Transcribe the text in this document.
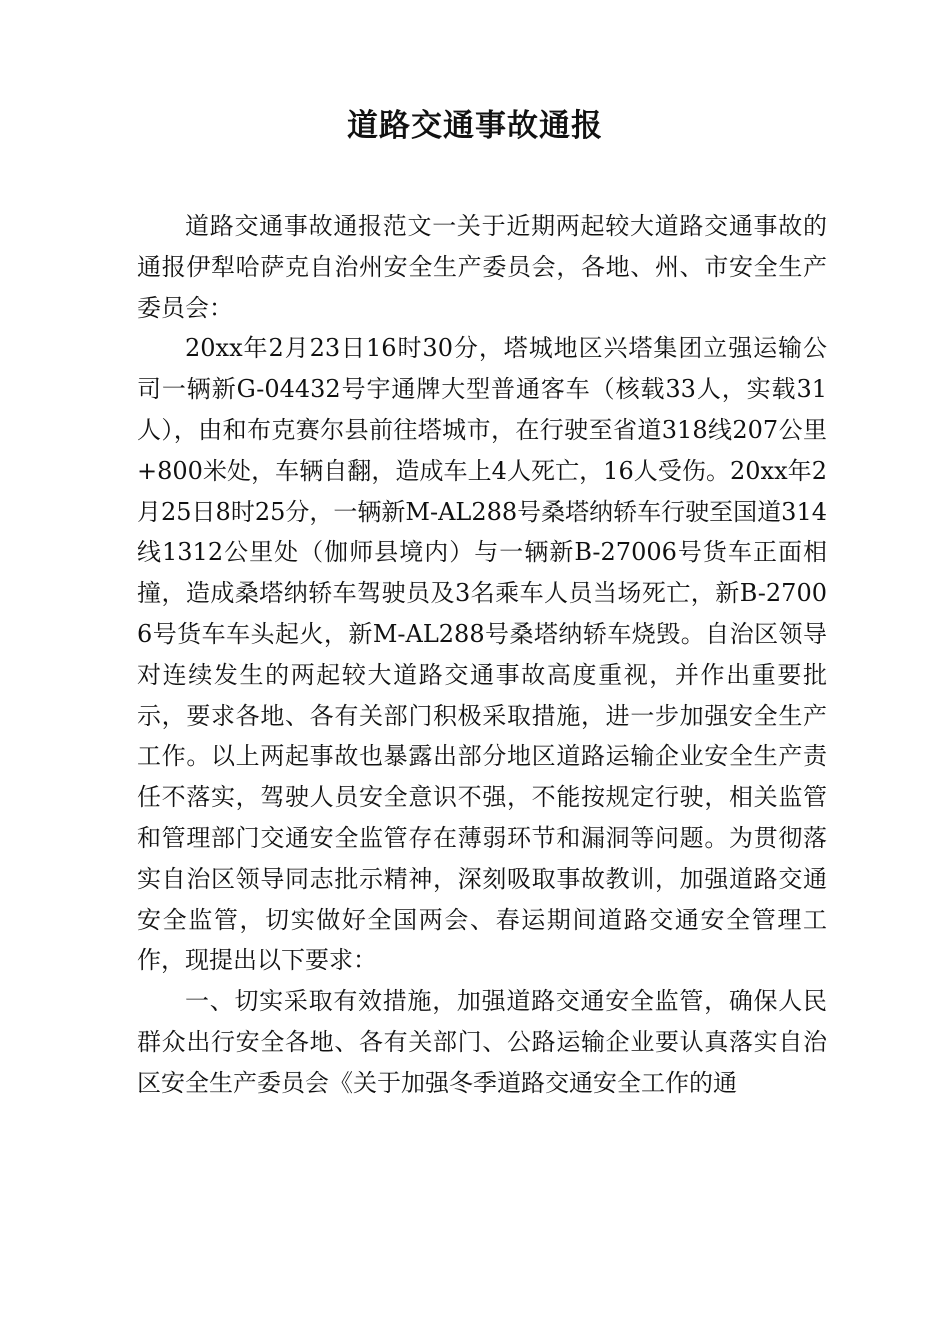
道路交通事故通报

道路交通事故通报范文一关于近期两起较大道路交通事故的通报伊犁哈萨克自治州安全生产委员会，各地、州、市安全生产委员会：

20xx年2月23日16时30分，塔城地区兴塔集团立强运输公司一辆新G-04432号宇通牌大型普通客车（核载33人，实载31人），由和布克赛尔县前往塔城市，在行驶至省道318线207公里+800米处，车辆自翻，造成车上4人死亡，16人受伤。20xx年2月25日8时25分，一辆新M-AL288号桑塔纳轿车行驶至国道314线1312公里处（伽师县境内）与一辆新B-27006号货车正面相撞，造成桑塔纳轿车驾驶员及3名乘车人员当场死亡，新B-27006号货车车头起火，新M-AL288号桑塔纳轿车烧毁。自治区领导对连续发生的两起较大道路交通事故高度重视，并作出重要批示，要求各地、各有关部门积极采取措施，进一步加强安全生产工作。以上两起事故也暴露出部分地区道路运输企业安全生产责任不落实，驾驶人员安全意识不强，不能按规定行驶，相关监管和管理部门交通安全监管存在薄弱环节和漏洞等问题。为贯彻落实自治区领导同志批示精神，深刻吸取事故教训，加强道路交通安全监管，切实做好全国两会、春运期间道路交通安全管理工作，现提出以下要求：

一、切实采取有效措施，加强道路交通安全监管，确保人民群众出行安全各地、各有关部门、公路运输企业要认真落实自治区安全生产委员会《关于加强冬季道路交通安全工作的通
